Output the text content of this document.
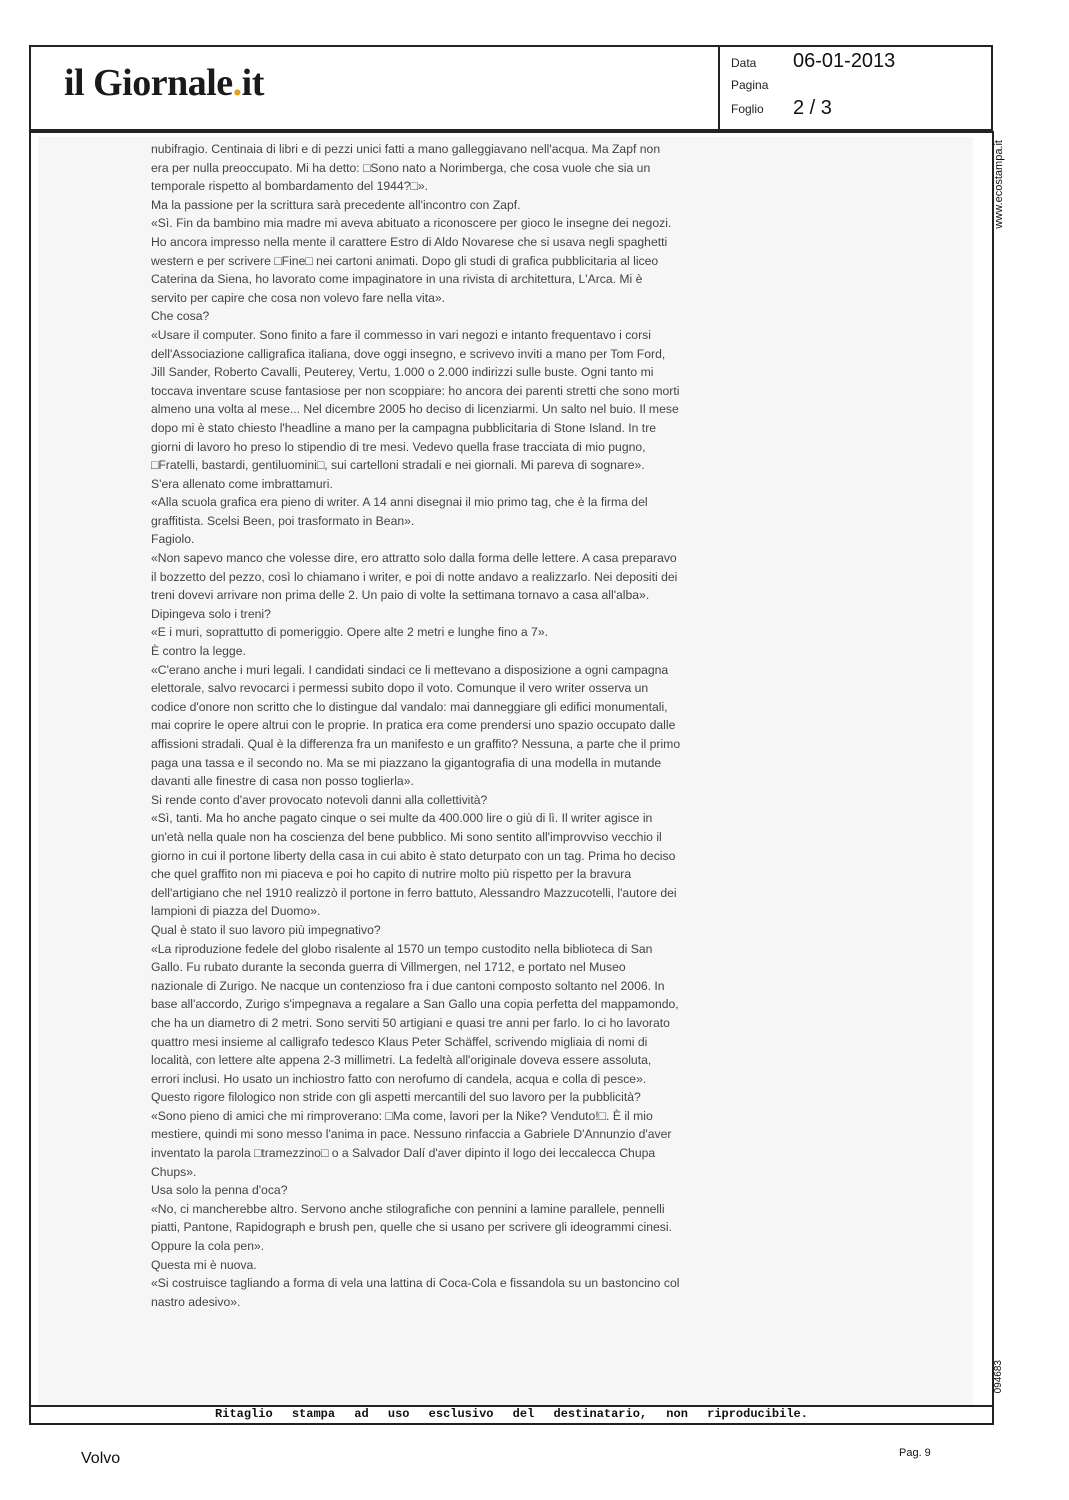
il Giornale.it	Data 06-01-2013
Pagina
Foglio 2 / 3

nubifragio. Centinaia di libri e di pezzi unici fatti a mano galleggiavano nell'acqua. Ma Zapf non era per nulla preoccupato. Mi ha detto: □Sono nato a Norimberga, che cosa vuole che sia un temporale rispetto al bombardamento del 1944?□».

Ma la passione per la scrittura sarà precedente all'incontro con Zapf.

«Sì. Fin da bambino mia madre mi aveva abituato a riconoscere per gioco le insegne dei negozi. Ho ancora impresso nella mente il carattere Estro di Aldo Novarese che si usava negli spaghetti western e per scrivere □Fine□ nei cartoni animati. Dopo gli studi di grafica pubblicitaria al liceo Caterina da Siena, ho lavorato come impaginatore in una rivista di architettura, L'Arca. Mi è servito per capire che cosa non volevo fare nella vita».

Che cosa?

«Usare il computer. Sono finito a fare il commesso in vari negozi e intanto frequentavo i corsi dell'Associazione calligrafica italiana, dove oggi insegno, e scrivevo inviti a mano per Tom Ford, Jill Sander, Roberto Cavalli, Peuterey, Vertu, 1.000 o 2.000 indirizzi sulle buste. Ogni tanto mi toccava inventare scuse fantasiose per non scoppiare: ho ancora dei parenti stretti che sono morti almeno una volta al mese... Nel dicembre 2005 ho deciso di licenziarmi. Un salto nel buio. Il mese dopo mi è stato chiesto l'headline a mano per la campagna pubblicitaria di Stone Island. In tre giorni di lavoro ho preso lo stipendio di tre mesi. Vedevo quella frase tracciata di mio pugno, □Fratelli, bastardi, gentiluomini□, sui cartelloni stradali e nei giornali. Mi pareva di sognare».

S'era allenato come imbrattamuri.

«Alla scuola grafica era pieno di writer. A 14 anni disegnai il mio primo tag, che è la firma del graffitista. Scelsi Been, poi trasformato in Bean».

Fagiolo.

«Non sapevo manco che volesse dire, ero attratto solo dalla forma delle lettere. A casa preparavo il bozzetto del pezzo, così lo chiamano i writer, e poi di notte andavo a realizzarlo. Nei depositi dei treni dovevi arrivare non prima delle 2. Un paio di volte la settimana tornavo a casa all'alba».

Dipingeva solo i treni?

«E i muri, soprattutto di pomeriggio. Opere alte 2 metri e lunghe fino a 7».

È contro la legge.

«C'erano anche i muri legali. I candidati sindaci ce li mettevano a disposizione a ogni campagna elettorale, salvo revocarci i permessi subito dopo il voto. Comunque il vero writer osserva un codice d'onore non scritto che lo distingue dal vandalo: mai danneggiare gli edifici monumentali, mai coprire le opere altrui con le proprie. In pratica era come prendersi uno spazio occupato dalle affissioni stradali. Qual è la differenza fra un manifesto e un graffito? Nessuna, a parte che il primo paga una tassa e il secondo no. Ma se mi piazzano la gigantografia di una modella in mutande davanti alle finestre di casa non posso toglierla».

Si rende conto d'aver provocato notevoli danni alla collettività?

«Sì, tanti. Ma ho anche pagato cinque o sei multe da 400.000 lire o giù di lì. Il writer agisce in un'età nella quale non ha coscienza del bene pubblico. Mi sono sentito all'improvviso vecchio il giorno in cui il portone liberty della casa in cui abito è stato deturpato con un tag. Prima ho deciso che quel graffito non mi piaceva e poi ho capito di nutrire molto più rispetto per la bravura dell'artigiano che nel 1910 realizzò il portone in ferro battuto, Alessandro Mazzucotelli, l'autore dei lampioni di piazza del Duomo».

Qual è stato il suo lavoro più impegnativo?

«La riproduzione fedele del globo risalente al 1570 un tempo custodito nella biblioteca di San Gallo. Fu rubato durante la seconda guerra di Villmergen, nel 1712, e portato nel Museo nazionale di Zurigo. Ne nacque un contenzioso fra i due cantoni composto soltanto nel 2006. In base all'accordo, Zurigo s'impegnava a regalare a San Gallo una copia perfetta del mappamondo, che ha un diametro di 2 metri. Sono serviti 50 artigiani e quasi tre anni per farlo. Io ci ho lavorato quattro mesi insieme al calligrafo tedesco Klaus Peter Schäffel, scrivendo migliaia di nomi di località, con lettere alte appena 2-3 millimetri. La fedeltà all'originale doveva essere assoluta, errori inclusi. Ho usato un inchiostro fatto con nerofumo di candela, acqua e colla di pesce».

Questo rigore filologico non stride con gli aspetti mercantili del suo lavoro per la pubblicità?

«Sono pieno di amici che mi rimproverano: □Ma come, lavori per la Nike? Venduto!□. È il mio mestiere, quindi mi sono messo l'anima in pace. Nessuno rinfaccia a Gabriele D'Annunzio d'aver inventato la parola □tramezzino□ o a Salvador Dalí d'aver dipinto il logo dei leccalecca Chupa Chups».

Usa solo la penna d'oca?

«No, ci mancherebbe altro. Servono anche stilografiche con pennini a lamine parallele, pennelli piatti, Pantone, Rapidograph e brush pen, quelle che si usano per scrivere gli ideogrammi cinesi. Oppure la cola pen».

Questa mi è nuova.

«Si costruisce tagliando a forma di vela una lattina di Coca-Cola e fissandola su un bastoncino col nastro adesivo».

Ritaglio stampa ad uso esclusivo del destinatario, non riproducibile.
www.ecostampa.it
094683
Volvo	Pag. 9
